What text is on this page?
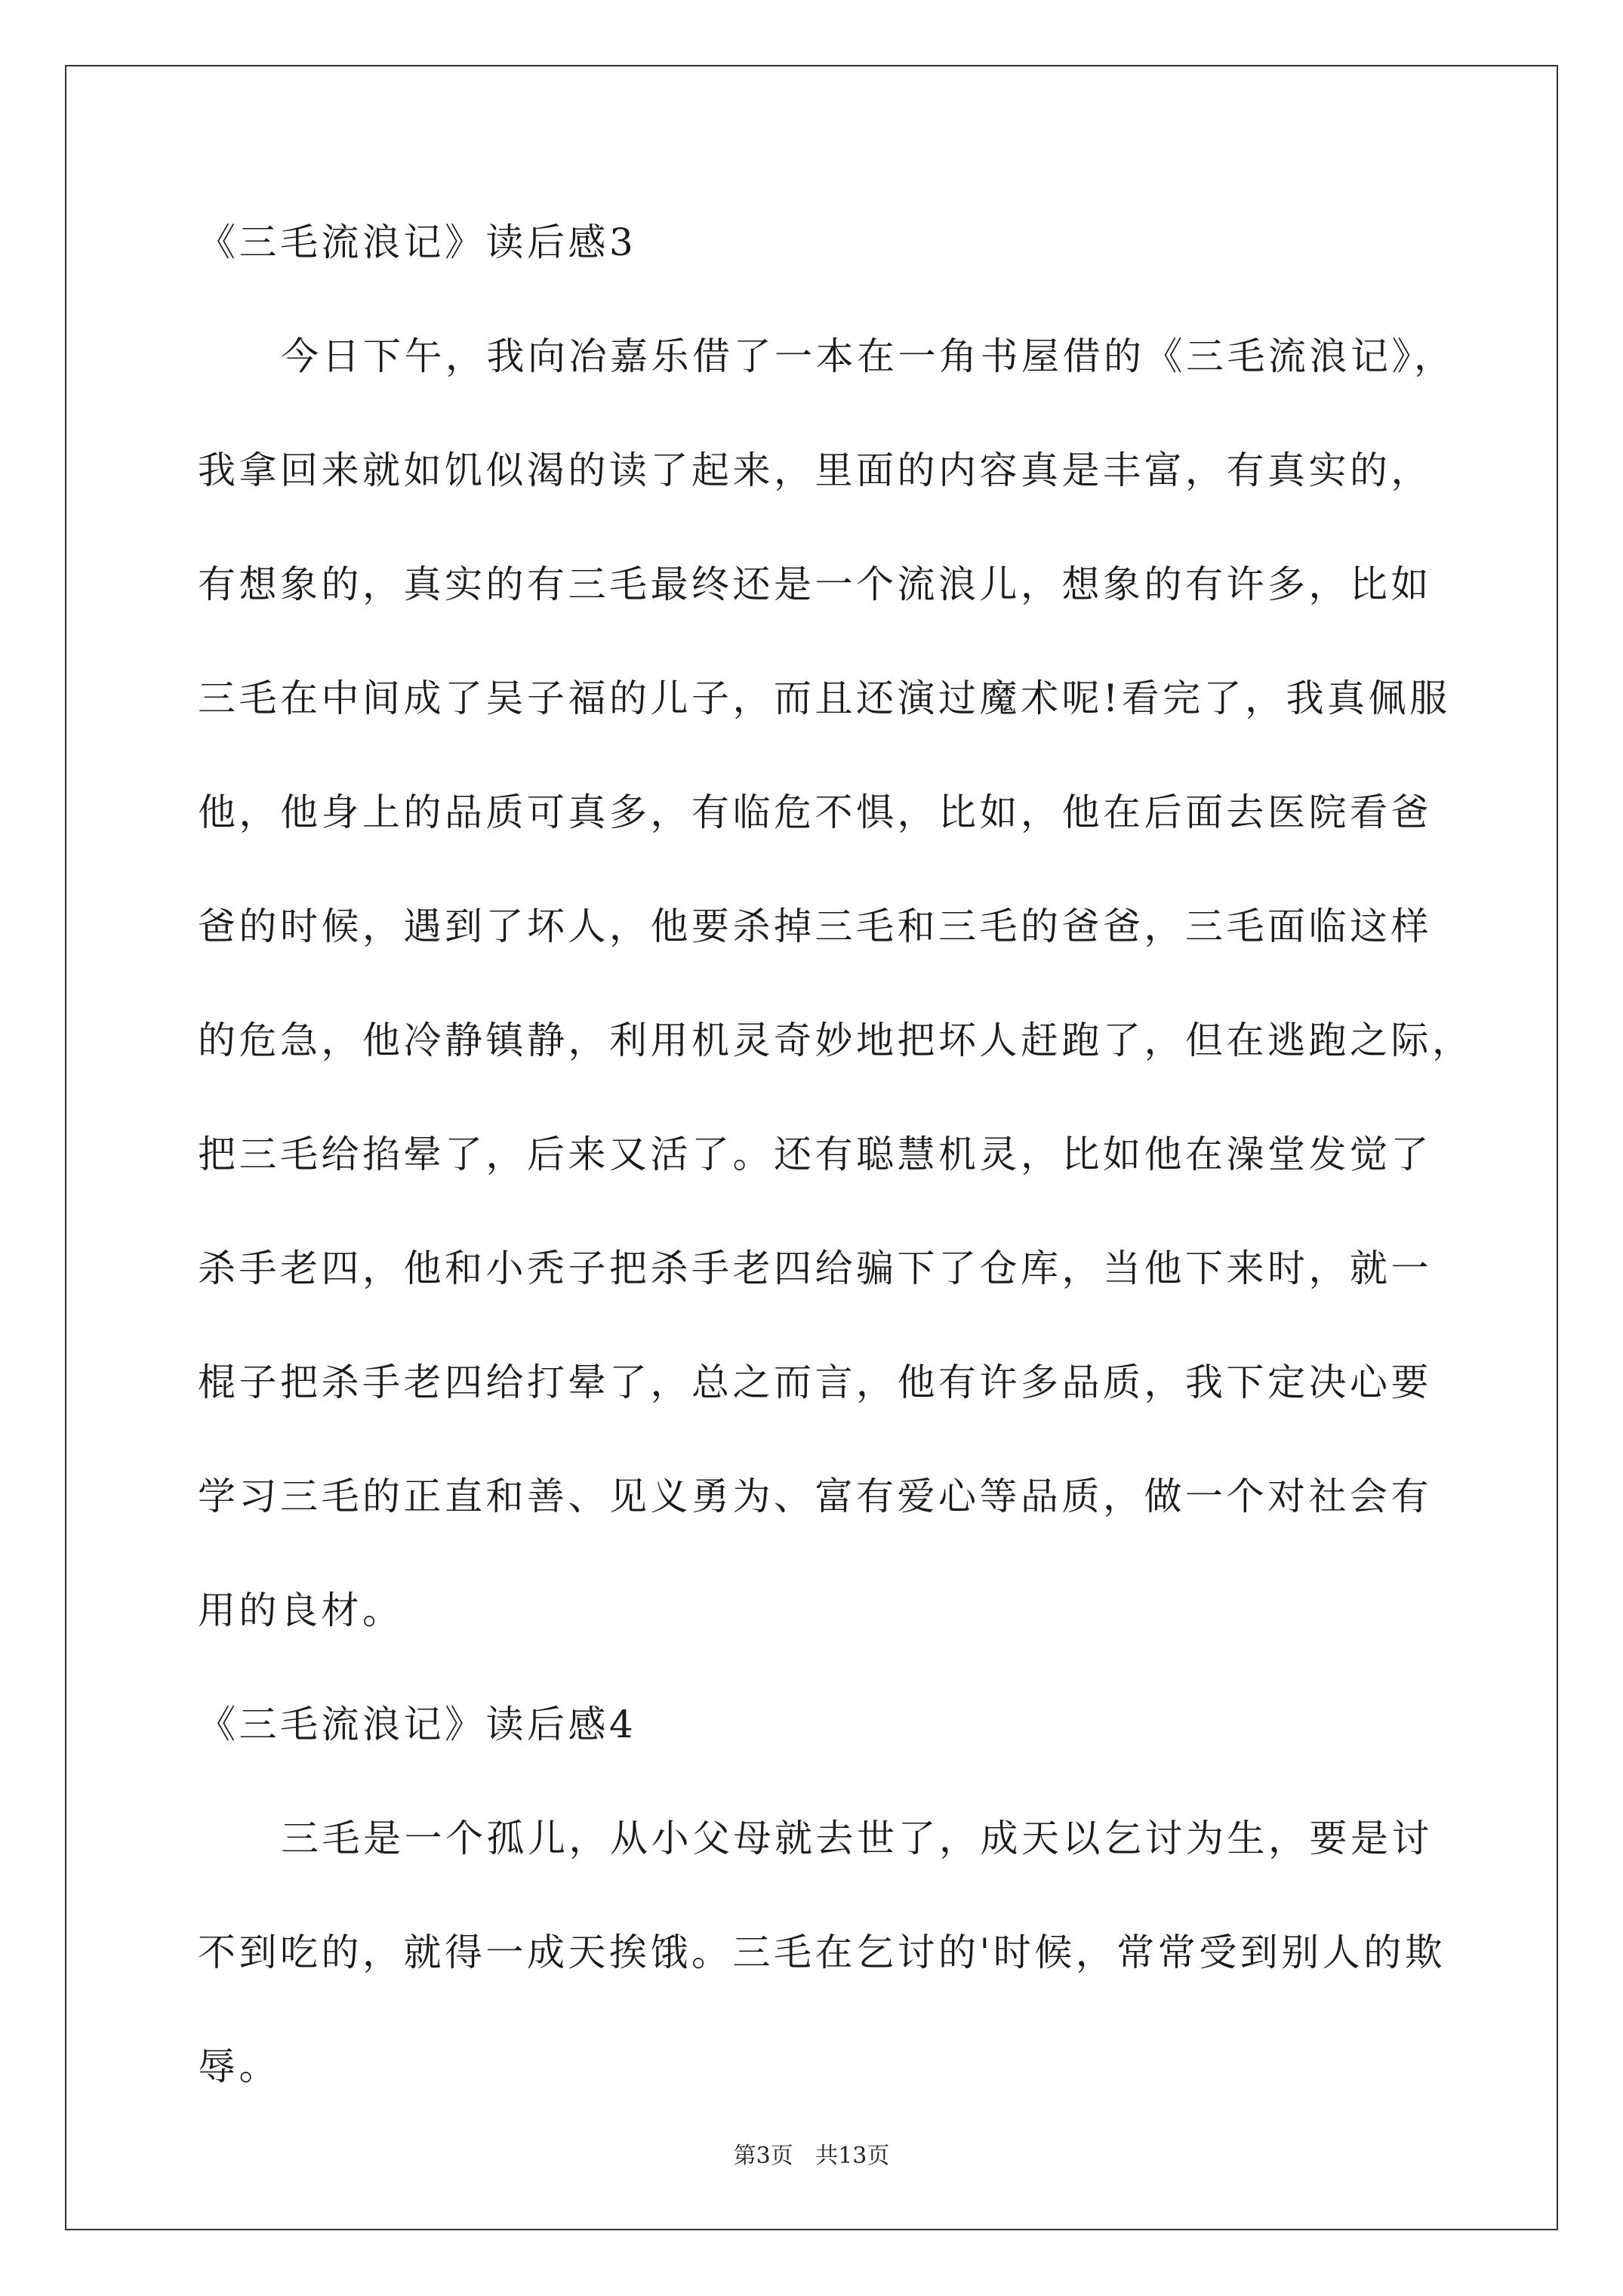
《三毛流浪记》读后感3
今日下午，我向冶嘉乐借了一本在一角书屋借的《三毛流浪记》，
我拿回来就如饥似渴的读了起来，里面的内容真是丰富，有真实的，
有想象的，真实的有三毛最终还是一个流浪儿，想象的有许多，比如
三毛在中间成了吴子福的儿子，而且还演过魔术呢!看完了，我真佩服
他，他身上的品质可真多，有临危不惧，比如，他在后面去医院看爸
爸的时候，遇到了坏人，他要杀掉三毛和三毛的爸爸，三毛面临这样
的危急，他冷静镇静，利用机灵奇妙地把坏人赶跑了，但在逃跑之际，
把三毛给掐晕了，后来又活了。还有聪慧机灵，比如他在澡堂发觉了
杀手老四，他和小秃子把杀手老四给骗下了仓库，当他下来时，就一
棍子把杀手老四给打晕了，总之而言，他有许多品质，我下定决心要
学习三毛的正直和善、见义勇为、富有爱心等品质，做一个对社会有
用的良材。
《三毛流浪记》读后感4
三毛是一个孤儿，从小父母就去世了，成天以乞讨为生，要是讨
不到吃的，就得一成天挨饿。三毛在乞讨的'时候，常常受到别人的欺
辱。
第3页 共13页
